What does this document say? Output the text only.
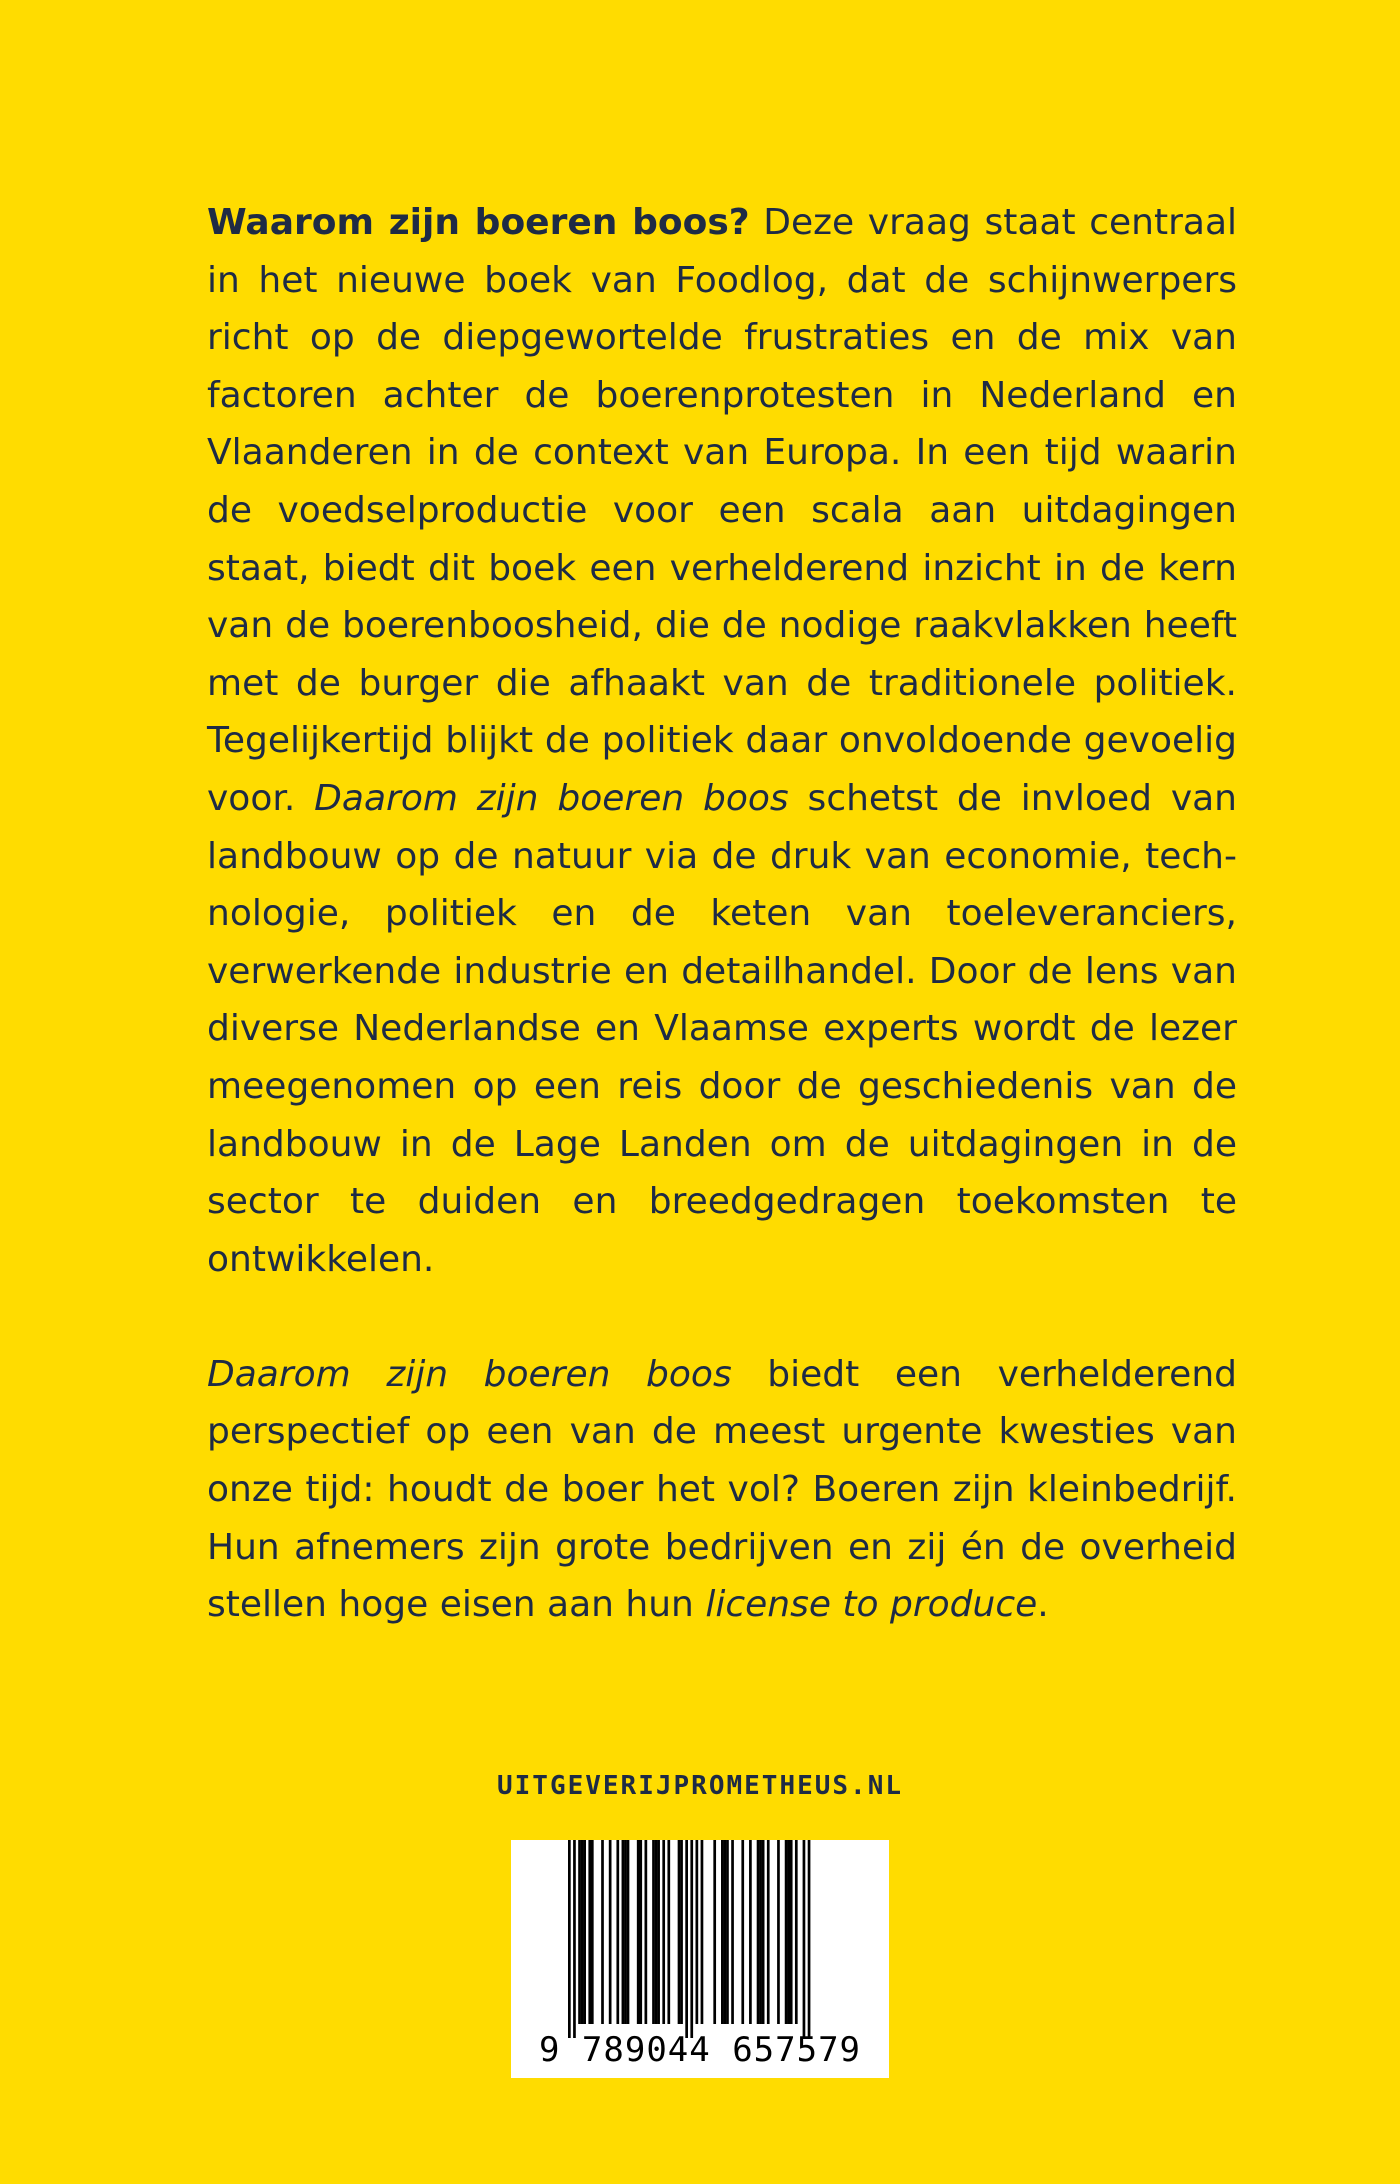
Waarom zijn boeren boos? Deze vraag staat centraal in het nieuwe boek van Foodlog, dat de schijnwerpers richt op de diepgewortelde frustraties en de mix van factoren achter de boerenprotesten in Nederland en Vlaanderen in de context van Europa. In een tijd waarin de voedselproductie voor een scala aan uitdagingen staat, biedt dit boek een verhelderend inzicht in de kern van de boerenboosheid, die de nodige raakvlakken heeft met de burger die afhaakt van de traditionele politiek. Tegelijkertijd blijkt de politiek daar onvoldoende gevoelig voor. Daarom zijn boeren boos schetst de invloed van landbouw op de natuur via de druk van economie, technologie, politiek en de keten van toeleveranciers, verwerkende industrie en detailhandel. Door de lens van diverse Nederlandse en Vlaamse experts wordt de lezer meegenomen op een reis door de geschiedenis van de landbouw in de Lage Landen om de uitdagingen in de sector te duiden en breedgedragen toekomsten te ontwikkelen.

Daarom zijn boeren boos biedt een verhelderend perspectief op een van de meest urgente kwesties van onze tijd: houdt de boer het vol? Boeren zijn kleinbedrijf. Hun afnemers zijn grote bedrijven en zij én de overheid stellen hoge eisen aan hun license to produce.

UITGEVERIJPROMETHEUS.NL
9 789044 657579
